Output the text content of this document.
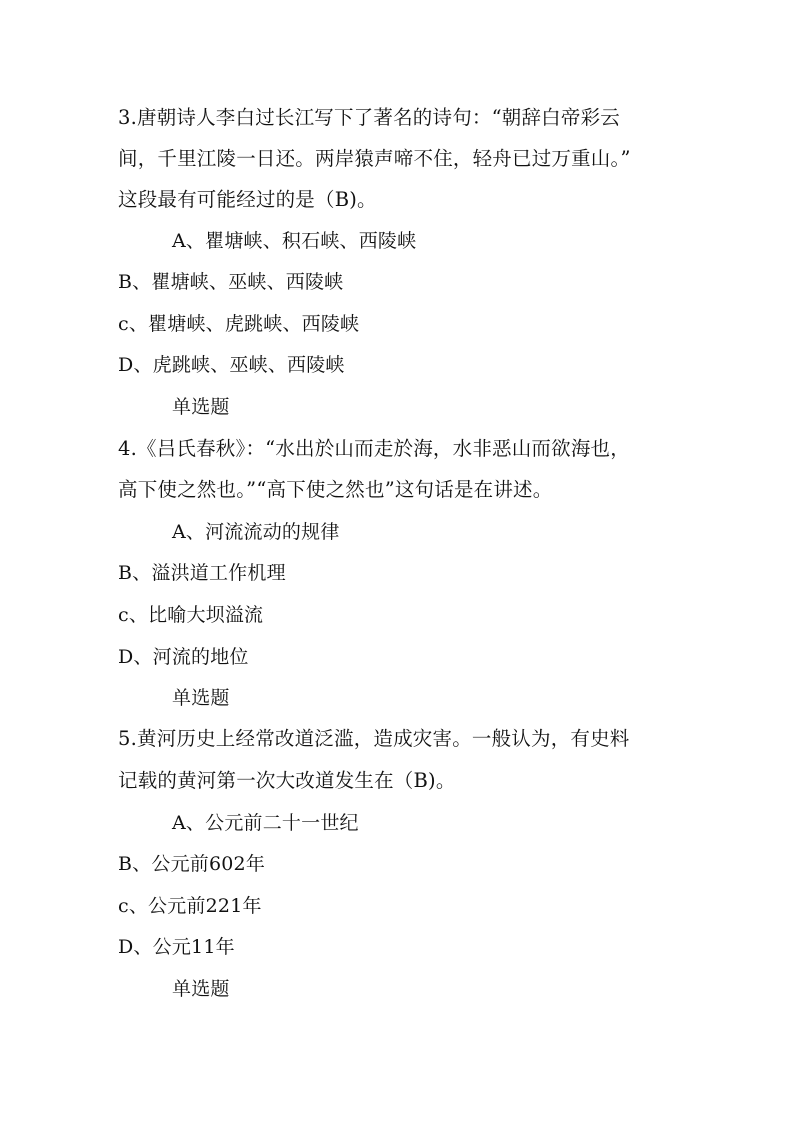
3.唐朝诗人李白过长江写下了著名的诗句：“朝辞白帝彩云
间，千里江陵一日还。两岸猿声啼不住，轻舟已过万重山。”
这段最有可能经过的是（B)。
A、瞿塘峡、积石峡、西陵峡
B、瞿塘峡、巫峡、西陵峡
c、瞿塘峡、虎跳峡、西陵峡
D、虎跳峡、巫峡、西陵峡
单选题
4.《吕氏春秋》：“水出於山而走於海，水非恶山而欲海也，
高下使之然也。”“高下使之然也”这句话是在讲述。
A、河流流动的规律
B、溢洪道工作机理
c、比喻大坝溢流
D、河流的地位
单选题
5.黄河历史上经常改道泛滥，造成灾害。一般认为，有史料
记载的黄河第一次大改道发生在（B)。
A、公元前二十一世纪
B、公元前602年
c、公元前221年
D、公元11年
单选题
